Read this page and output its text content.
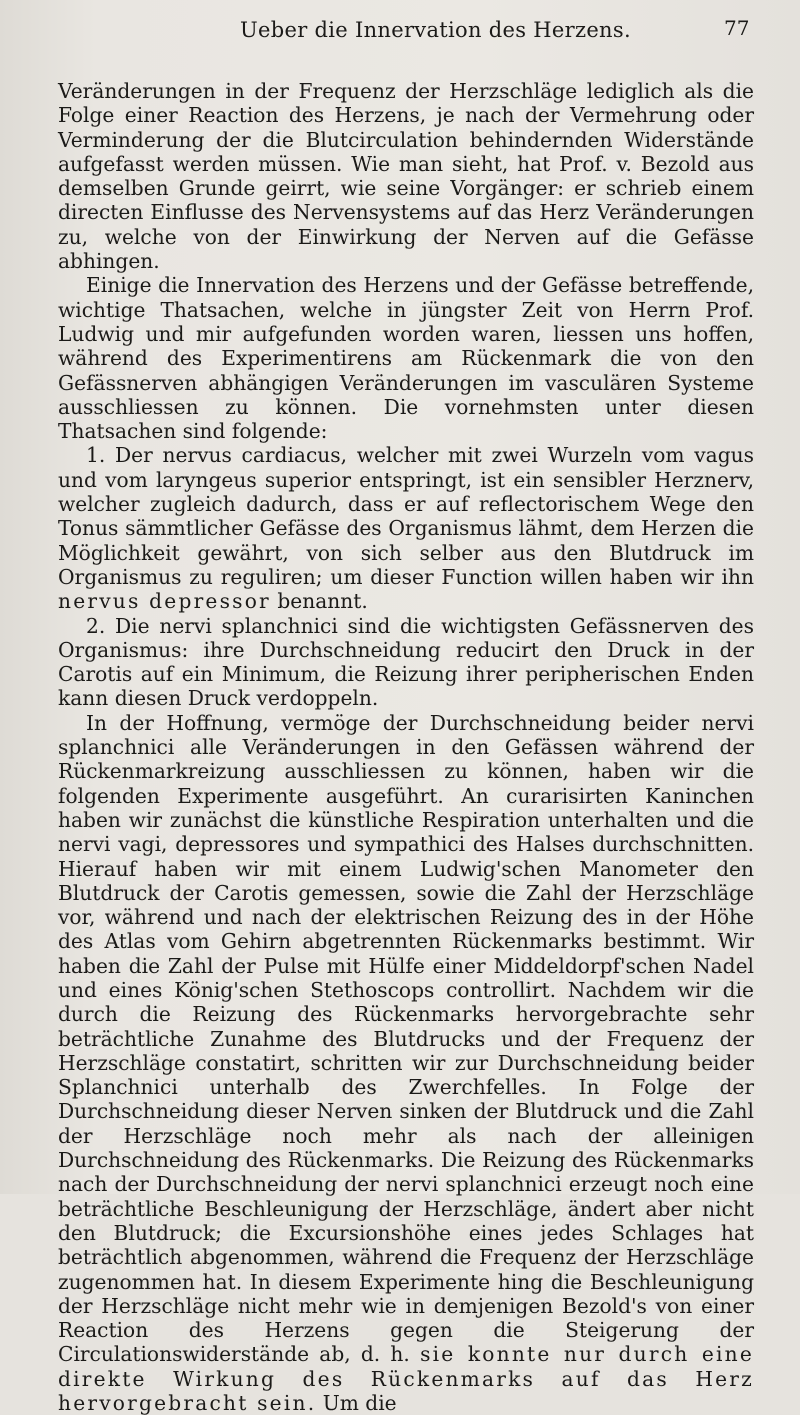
Ueber die Innervation des Herzens.	77

Veränderungen in der Frequenz der Herzschläge lediglich als die Folge einer Reaction des Herzens, je nach der Vermehrung oder Verminderung der die Blutcirculation behindernden Widerstände aufgefasst werden müssen. Wie man sieht, hat Prof. v. Bezold aus demselben Grunde geirrt, wie seine Vorgänger: er schrieb einem directen Einflusse des Nervensystems auf das Herz Veränderungen zu, welche von der Einwirkung der Nerven auf die Gefässe abhingen.

Einige die Innervation des Herzens und der Gefässe betreffende, wichtige Thatsachen, welche in jüngster Zeit von Herrn Prof. Ludwig und mir aufgefunden worden waren, liessen uns hoffen, während des Experimentirens am Rückenmark die von den Gefässnerven abhängigen Veränderungen im vasculären Systeme ausschliessen zu können. Die vornehmsten unter diesen Thatsachen sind folgende:

1. Der nervus cardiacus, welcher mit zwei Wurzeln vom vagus und vom laryngeus superior entspringt, ist ein sensibler Herznerv, welcher zugleich dadurch, dass er auf reflectorischem Wege den Tonus sämmtlicher Gefässe des Organismus lähmt, dem Herzen die Möglichkeit gewährt, von sich selber aus den Blutdruck im Organismus zu reguliren; um dieser Function willen haben wir ihn nervus depressor benannt.

2. Die nervi splanchnici sind die wichtigsten Gefässnerven des Organismus: ihre Durchschneidung reducirt den Druck in der Carotis auf ein Minimum, die Reizung ihrer peripherischen Enden kann diesen Druck verdoppeln.

In der Hoffnung, vermöge der Durchschneidung beider nervi splanchnici alle Veränderungen in den Gefässen während der Rückenmarkreizung ausschliessen zu können, haben wir die folgenden Experimente ausgeführt. An curarisirten Kaninchen haben wir zunächst die künstliche Respiration unterhalten und die nervi vagi, depressores und sympathici des Halses durchschnitten. Hierauf haben wir mit einem Ludwig'schen Manometer den Blutdruck der Carotis gemessen, sowie die Zahl der Herzschläge vor, während und nach der elektrischen Reizung des in der Höhe des Atlas vom Gehirn abgetrennten Rückenmarks bestimmt. Wir haben die Zahl der Pulse mit Hülfe einer Middeldorpf'schen Nadel und eines König'schen Stethoscops controllirt. Nachdem wir die durch die Reizung des Rückenmarks hervorgebrachte sehr beträchtliche Zunahme des Blutdrucks und der Frequenz der Herzschläge constatirt, schritten wir zur Durchschneidung beider Splanchnici unterhalb des Zwerchfelles. In Folge der Durchschneidung dieser Nerven sinken der Blutdruck und die Zahl der Herzschläge noch mehr als nach der alleinigen Durchschneidung des Rückenmarks. Die Reizung des Rückenmarks nach der Durchschneidung der nervi splanchnici erzeugt noch eine beträchtliche Beschleunigung der Herzschläge, ändert aber nicht den Blutdruck; die Excursionshöhe eines jedes Schlages hat beträchtlich abgenommen, während die Frequenz der Herzschläge zugenommen hat. In diesem Experimente hing die Beschleunigung der Herzschläge nicht mehr wie in demjenigen Bezold's von einer Reaction des Herzens gegen die Steigerung der Circulationswiderstände ab, d. h. sie konnte nur durch eine direkte Wirkung des Rückenmarks auf das Herz hervorgebracht sein. Um die
